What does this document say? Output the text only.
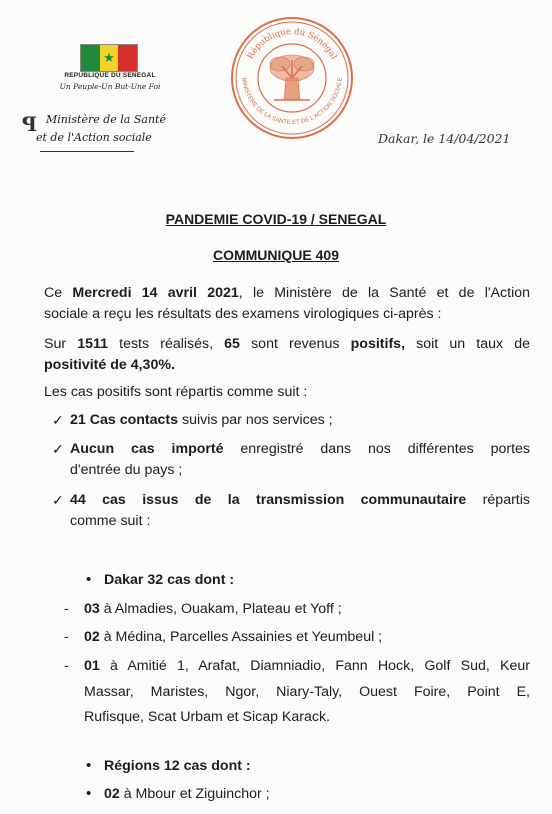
★
REPUBLIQUE DU SENEGAL
Un Peuple-Un But-Une Foi
ꟼ Ministère de la Santé
et de l'Action sociale
République du Sénégal
MINISTERE DE LA SANTE ET DE L'ACTION SOCIALE
Dakar, le 14/04/2021
PANDEMIE COVID-19 / SENEGAL
COMMUNIQUE 409
Ce Mercredi 14 avril 2021, le Ministère de la Santé et de l'Action
sociale a reçu les résultats des examens virologiques ci-après :
Sur 1511 tests réalisés, 65 sont revenus positifs, soit un taux de
positivité de 4,30%.
Les cas positifs sont répartis comme suit :
✓ 21 Cas contacts suivis par nos services ;
✓ Aucun cas importé enregistré dans nos différentes portes
d'entrée du pays ;
✓ 44 cas issus de la transmission communautaire répartis
comme suit :
• Dakar 32 cas dont :
- 03 à Almadies, Ouakam, Plateau et Yoff ;
- 02 à Médina, Parcelles Assainies et Yeumbeul ;
- 01 à Amitié 1, Arafat, Diamniadio, Fann Hock, Golf Sud, Keur
Massar, Maristes, Ngor, Niary-Taly, Ouest Foire, Point E,
Rufisque, Scat Urbam et Sicap Karack.
• Régions 12 cas dont :
• 02 à Mbour et Ziguinchor ;
